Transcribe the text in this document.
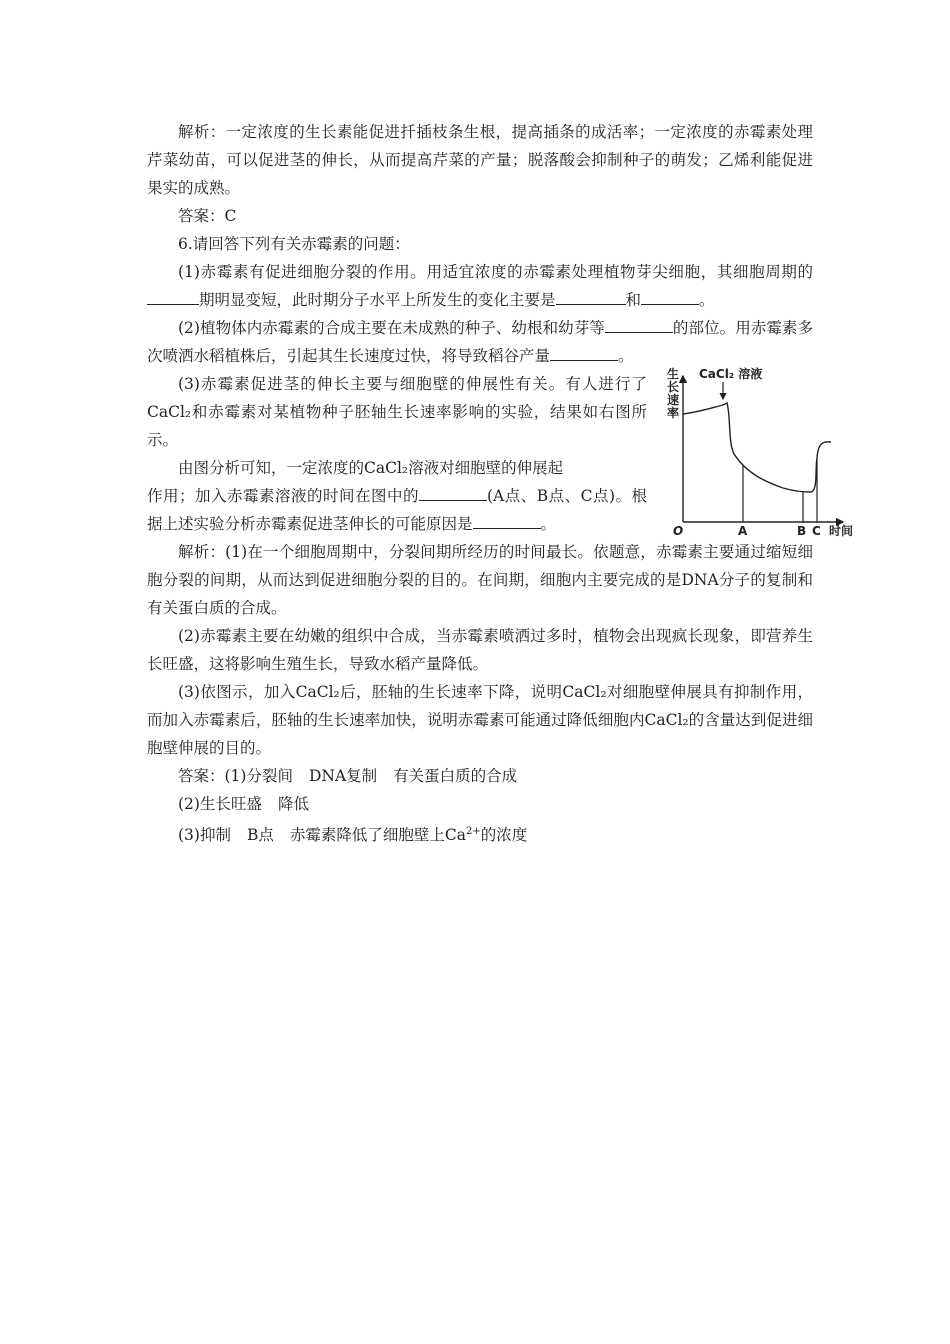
解析：一定浓度的生长素能促进扦插枝条生根，提高插条的成活率；一定浓度的赤霉素处理芹菜幼苗，可以促进茎的伸长，从而提高芹菜的产量；脱落酸会抑制种子的萌发；乙烯利能促进果实的成熟。

答案：C

6.请回答下列有关赤霉素的问题：

(1)赤霉素有促进细胞分裂的作用。用适宜浓度的赤霉素处理植物芽尖细胞，其细胞周期的期明显变短，此时期分子水平上所发生的变化主要是	和	。

(2)植物体内赤霉素的合成主要在未成熟的种子、幼根和幼芽等	的部位。用赤霉素多次喷洒水稻植株后，引起其生长速度过快，将导致稻谷产量	。

(3)赤霉素促进茎的伸长主要与细胞壁的伸展性有关。有人进行了CaCl₂和赤霉素对某植物种子胚轴生长速率影响的实验，结果如右图所示。

由图分析可知，一定浓度的CaCl₂溶液对细胞壁的伸展起
作用；加入赤霉素溶液的时间在图中的	(A点、B点、C点)。根据上述实验分析赤霉素促进茎伸长的可能原因是	。

生
长
速
率
CaCl₂ 溶液
O	A	B C 时间

解析：(1)在一个细胞周期中，分裂间期所经历的时间最长。依题意，赤霉素主要通过缩短细胞分裂的间期，从而达到促进细胞分裂的目的。在间期，细胞内主要完成的是DNA分子的复制和有关蛋白质的合成。

(2)赤霉素主要在幼嫩的组织中合成，当赤霉素喷洒过多时，植物会出现疯长现象，即营养生长旺盛，这将影响生殖生长，导致水稻产量降低。

(3)依图示，加入CaCl₂后，胚轴的生长速率下降，说明CaCl₂对细胞壁伸展具有抑制作用，而加入赤霉素后，胚轴的生长速率加快，说明赤霉素可能通过降低细胞内CaCl₂的含量达到促进细胞壁伸展的目的。

答案：(1)分裂间 DNA复制 有关蛋白质的合成

(2)生长旺盛 降低

(3)抑制 B点 赤霉素降低了细胞壁上$Ca^{2+}$的浓度
